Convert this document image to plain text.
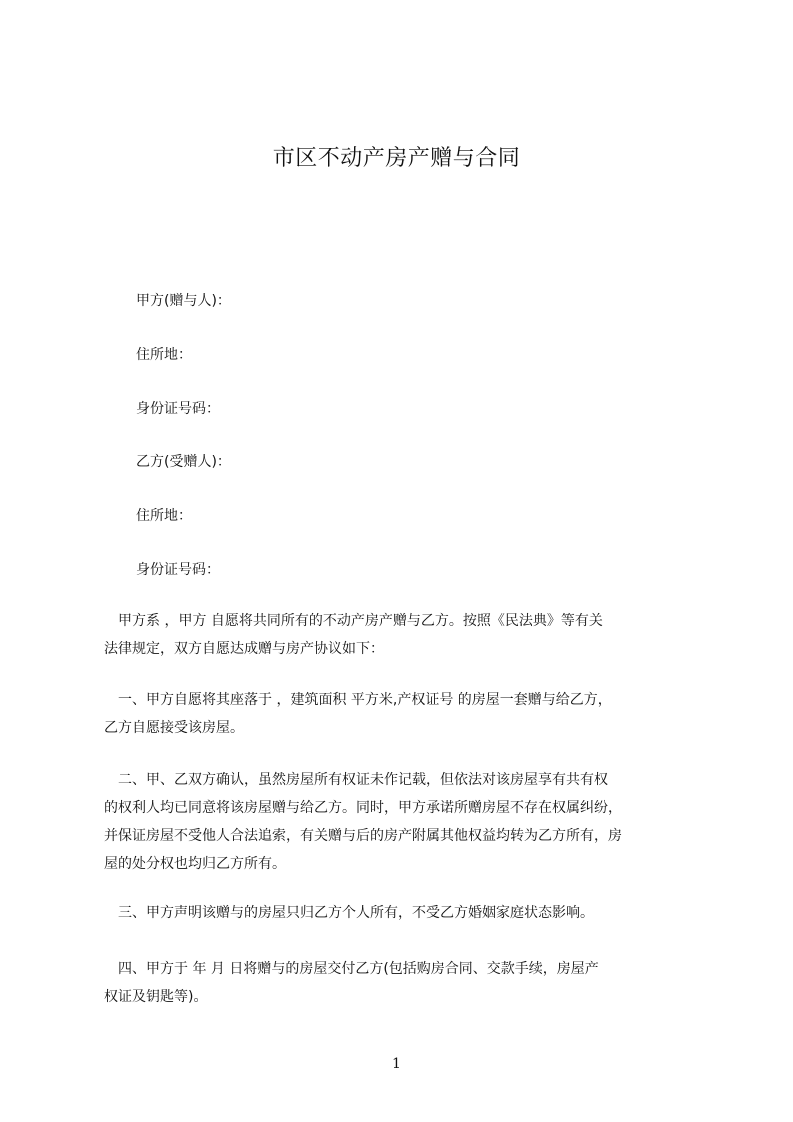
市区不动产房产赠与合同
甲方(赠与人)：
住所地：
身份证号码：
乙方(受赠人)：
住所地：
身份证号码：
　甲方系 ，甲方 自愿将共同所有的不动产房产赠与乙方。按照《民法典》等有关
法律规定，双方自愿达成赠与房产协议如下：
　一、甲方自愿将其座落于 ，建筑面积 平方米,产权证号 的房屋一套赠与给乙方，
乙方自愿接受该房屋。
　二、甲、乙双方确认，虽然房屋所有权证未作记载，但依法对该房屋享有共有权
的权利人均已同意将该房屋赠与给乙方。同时，甲方承诺所赠房屋不存在权属纠纷，
并保证房屋不受他人合法追索，有关赠与后的房产附属其他权益均转为乙方所有，房
屋的处分权也均归乙方所有。
　三、甲方声明该赠与的房屋只归乙方个人所有，不受乙方婚姻家庭状态影响。
　四、甲方于 年 月 日将赠与的房屋交付乙方(包括购房合同、交款手续，房屋产
权证及钥匙等)。
1
